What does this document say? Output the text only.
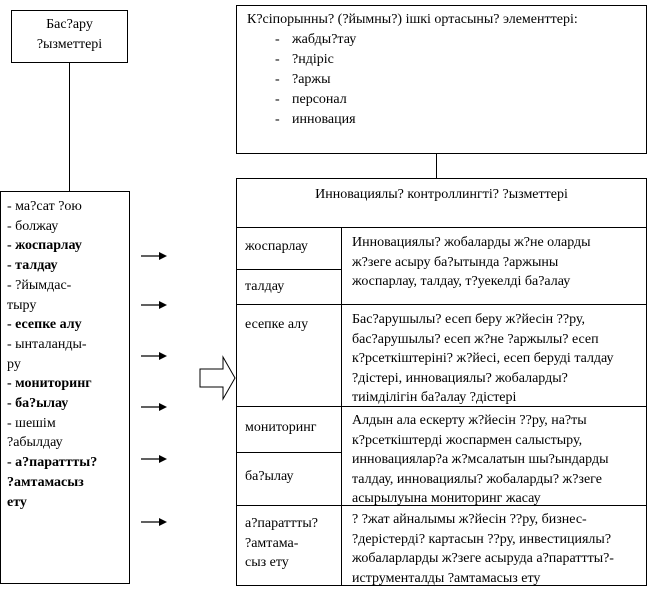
Бас?ару
?ызметтері
К?сіпорынны? (?йымны?) ішкі ортасыны? элементтері:
- жабды?тау
- ?ндіріс
- ?аржы
- персонал
- инновация
- ма?сат ?ою
- болжау
- жоспарлау
- талдау
- ?йымдас-
тыру
- есепке алу
- ынталанды-
ру
- мониторинг
- ба?ылау
- шешім
?абылдау
- а?параттты?
?амтамасыз
ету
Инновациялы? контроллингті? ?ызметтері
жоспарлау
талдау
есепке алу
мониторинг
ба?ылау
а?параттты?
?амтама-
сыз ету
Инновациялы? жобаларды ж?не оларды
ж?зеге асыру ба?ытында ?аржыны
жоспарлау, талдау, т?уекелді ба?алау
Бас?арушылы? есеп беру ж?йесін ??ру,
бас?арушылы? есеп ж?не ?аржылы? есеп
к?рсеткіштеріні? ж?йесі, есеп беруді талдау
?дістері, инновациялы? жобаларды?
тиімділігін ба?алау ?дістері
Алдын ала ескерту ж?йесін ??ру, на?ты
к?рсеткіштерді жоспармен салыстыру,
инновациялар?а ж?мсалатын шы?ындарды
талдау, инновациялы? жобаларды? ж?зеге
асырылуына мониторинг жасау
? ?жат айналымы ж?йесін ??ру, бизнес-
?дерістерді? картасын ??ру, инвестициялы?
жобаларларды ж?зеге асыруда а?параттты?-
иструменталды ?амтамасыз ету
